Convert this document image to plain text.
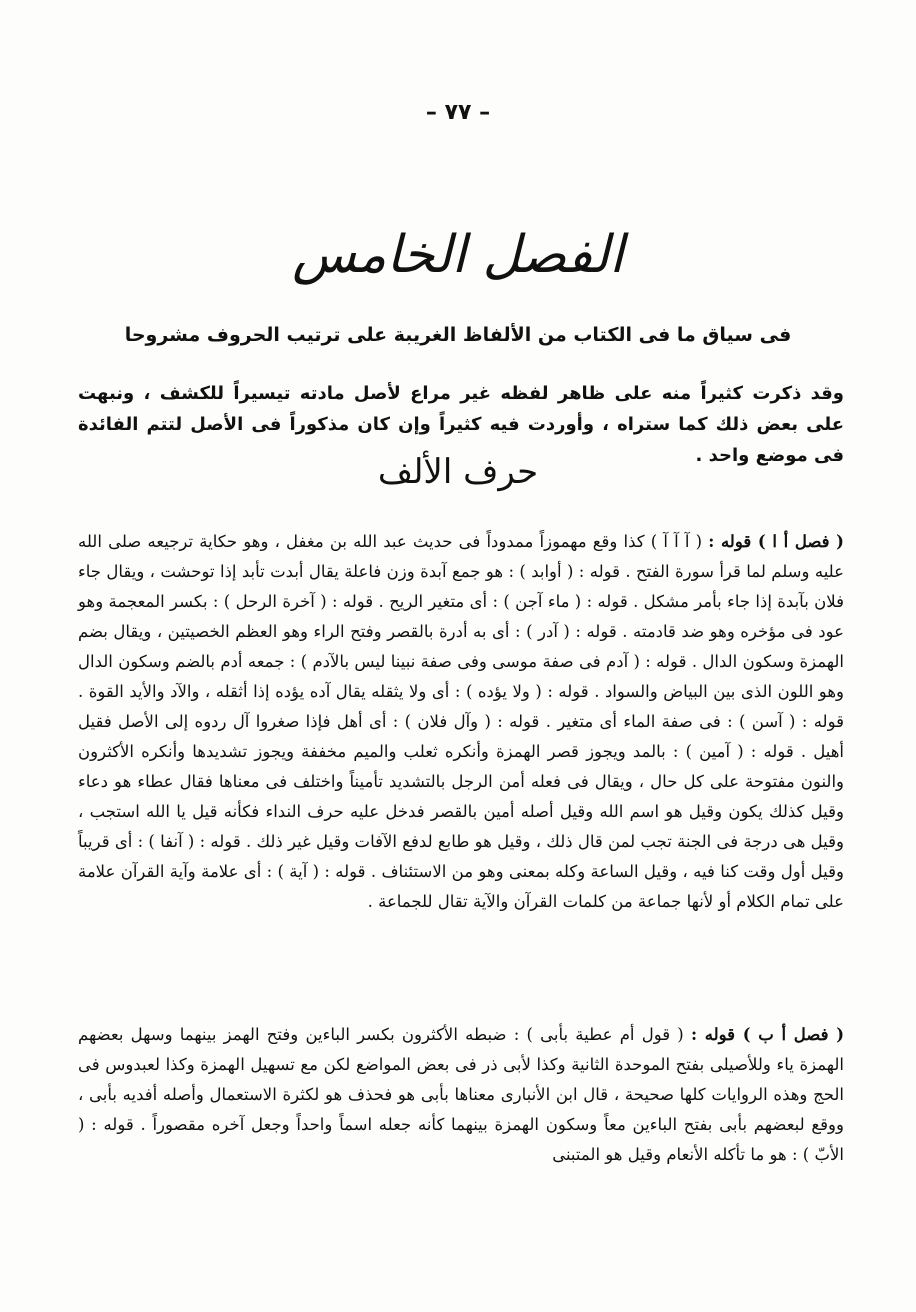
– ٧٧ –
الفصل الخامس
فى سياق ما فى الكتاب من الألفاظ الغريبة على ترتيب الحروف مشروحا
وقد ذكرت كثيراً منه على ظاهر لفظه غير مراع لأصل مادته تيسيراً للكشف ، ونبهت على بعض ذلك كما ستراه ، وأوردت فيه كثيراً وإن كان مذكوراً فى الأصل لتتم الفائدة فى موضع واحد .
حرف الألف
( فصل أ ا ) قوله : ( آ آ آ ) كذا وقع مهموزاً ممدوداً فى حديث عبد الله بن مغفل ، وهو حكاية ترجيعه صلى الله عليه وسلم لما قرأ سورة الفتح . قوله : ( أوابد ) : هو جمع آبدة وزن فاعلة يقال أبدت تأبد إذا توحشت ، ويقال جاء فلان بآبدة إذا جاء بأمر مشكل . قوله : ( ماء آجن ) : أى متغير الريح . قوله : ( آخرة الرحل ) : بكسر المعجمة وهو عود فى مؤخره وهو ضد قادمته . قوله : ( آدر ) : أى به أدرة بالقصر وفتح الراء وهو العظم الخصيتين ، ويقال بضم الهمزة وسكون الدال . قوله : ( آدم فى صفة موسى وفى صفة نبينا ليس بالآدم ) : جمعه أدم بالضم وسكون الدال وهو اللون الذى بين البياض والسواد . قوله : ( ولا يؤده ) : أى ولا يثقله يقال آده يؤده إذا أثقله ، والآد والأيد القوة . قوله : ( آسن ) : فى صفة الماء أى متغير . قوله : ( وآل فلان ) : أى أهل فإذا صغروا آل ردوه إلى الأصل فقيل أهيل . قوله : ( آمين ) : بالمد ويجوز قصر الهمزة وأنكره ثعلب والميم مخففة ويجوز تشديدها وأنكره الأكثرون والنون مفتوحة على كل حال ، ويقال فى فعله أمن الرجل بالتشديد تأميناً واختلف فى معناها فقال عطاء هو دعاء وقيل كذلك يكون وقيل هو اسم الله وقيل أصله أمين بالقصر فدخل عليه حرف النداء فكأنه قيل يا الله استجب ، وقيل هى درجة فى الجنة تجب لمن قال ذلك ، وقيل هو طابع لدفع الآفات وقيل غير ذلك . قوله : ( آنفا ) : أى قريباً وقيل أول وقت كنا فيه ، وقيل الساعة وكله بمعنى وهو من الاستئناف . قوله : ( آية ) : أى علامة وآية القرآن علامة على تمام الكلام أو لأنها جماعة من كلمات القرآن والآية تقال للجماعة .
( فصل أ ب ) قوله : ( قول أم عطية بأبى ) : ضبطه الأكثرون بكسر الباءين وفتح الهمز بينهما وسهل بعضهم الهمزة ياء وللأصيلى بفتح الموحدة الثانية وكذا لأبى ذر فى بعض المواضع لكن مع تسهيل الهمزة وكذا لعبدوس فى الحج وهذه الروايات كلها صحيحة ، قال ابن الأنبارى معناها بأبى هو فحذف هو لكثرة الاستعمال وأصله أفديه بأبى ، ووقع لبعضهم بأبى بفتح الباءين معاً وسكون الهمزة بينهما كأنه جعله اسماً واحداً وجعل آخره مقصوراً . قوله : ( الأبّ ) : هو ما تأكله الأنعام وقيل هو المتبنى
